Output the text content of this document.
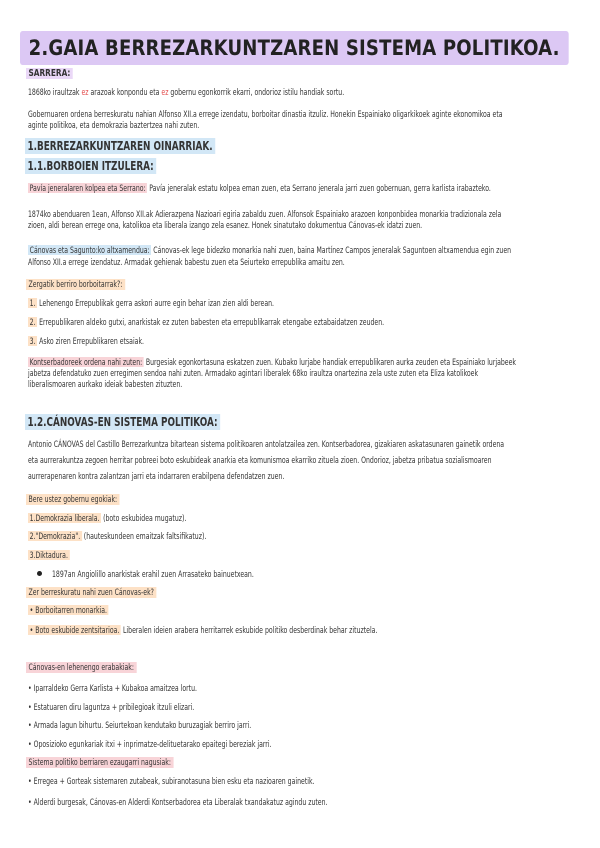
2.GAIA BERREZARKUNTZAREN SISTEMA POLITIKOA.
SARRERA:
1868ko iraultzak ez arazoak konpondu eta ez gobernu egonkorrik ekarri, ondorioz istilu handiak sortu.
Gobernuaren ordena berreskuratu nahian Alfonso XII.a errege izendatu, borboitar dinastia itzuliz. Honekin Espainiako oligarkikoek aginte ekonomikoa eta
aginte politikoa, eta demokrazia baztertzea nahi zuten.
1.BERREZARKUNTZAREN OINARRIAK.
1.1.BORBOIEN ITZULERA:
Pavía jeneralaren kolpea eta Serrano: Pavía jeneralak estatu kolpea eman zuen, eta Serrano jenerala jarri zuen gobernuan, gerra karlista irabazteko.
1874ko abenduaren 1ean, Alfonso XII.ak Adierazpena Nazioari egiria zabaldu zuen. Alfonsok Espainiako arazoen konponbidea monarkia tradizionala zela
zioen, aldi berean errege ona, katolikoa eta liberala izango zela esanez. Honek sinatutako dokumentua Cánovas-ek idatzi zuen.
Cánovas eta Sagunto:ko altxamendua: Cánovas-ek lege bidezko monarkia nahi zuen, baina Martínez Campos jeneralak Saguntoen altxamendua egin zuen
Alfonso XII.a errege izendatuz. Armadak gehienak babestu zuen eta Seiurteko errepublika amaitu zen.
Zergatik berriro borboitarrak?:
1. Lehenengo Errepublikak gerra askori aurre egin behar izan zien aldi berean.
2. Errepublikaren aldeko gutxi, anarkistak ez zuten babesten eta errepublikarrak etengabe eztabaidatzen zeuden.
3. Asko ziren Errepublikaren etsaiak.
Kontserbadoreek ordena nahi zuten: Burgesiak egonkortasuna eskatzen zuen. Kubako lurjabe handiak errepublikaren aurka zeuden eta Espainiako lurjabeek
jabetza defendatuko zuen erregimen sendoa nahi zuten. Armadako agintari liberalek 68ko iraultza onartezina zela uste zuten eta Eliza katolikoek
liberalismoaren aurkako ideiak babesten zituzten.
1.2.CÁNOVAS-EN SISTEMA POLITIKOA:
Antonio CÁNOVAS del Castillo Berrezarkuntza bitartean sistema politikoaren antolatzailea zen. Kontserbadorea, gizakiaren askatasunaren gainetik ordena
eta aurrerakuntza zegoen herritar pobreei boto eskubideak anarkia eta komunismoa ekarriko zituela zioen. Ondorioz, jabetza pribatua sozialismoaren
aurrerapenaren kontra zalantzan jarri eta indarraren erabilpena defendatzen zuen.
Bere ustez gobernu egokiak:
1.Demokrazia liberala. (boto eskubidea mugatuz).
2."Demokrazia". (hauteskundeen emaitzak faltsifikatuz).
3.Diktadura.
1897an Angiolillo anarkistak erahil zuen Arrasateko bainuetxean.
Zer berreskuratu nahi zuen Cánovas-ek?
• Borboitarren monarkia.
• Boto eskubide zentsitarioa. Liberalen ideien arabera herritarrek eskubide politiko desberdinak behar zituztela.
Cánovas-en lehenengo erabakiak:
• Iparraldeko Gerra Karlista + Kubakoa amaitzea lortu.
• Estatuaren diru laguntza + pribilegioak itzuli elizari.
• Armada lagun bihurtu. Seiurtekoan kendutako buruzagiak berriro jarri.
• Oposizioko egunkariak itxi + inprimatze-delituetarako epaitegi bereziak jarri.
Sistema politiko berriaren ezaugarri nagusiak:
• Erregea + Gorteak sistemaren zutabeak, subiranotasuna bien esku eta nazioaren gainetik.
• Alderdi burgesak, Cánovas-en Alderdi Kontserbadorea eta Liberalak txandakatuz agindu zuten.
